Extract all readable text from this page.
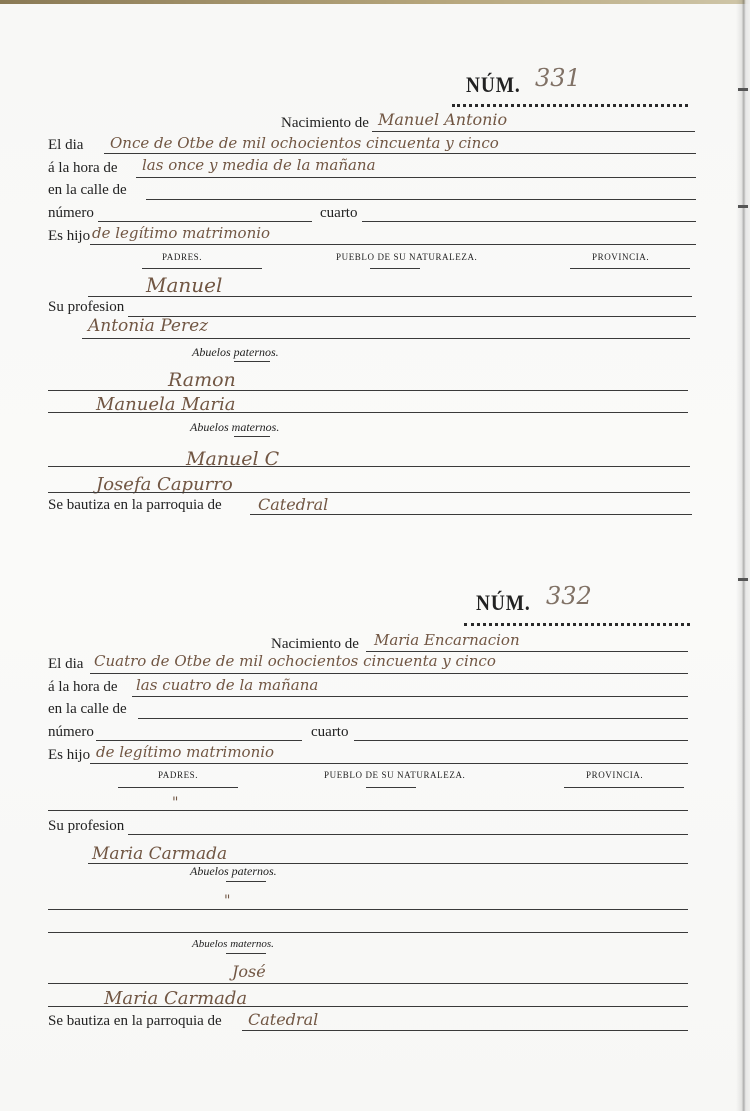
NÚM. 331
Nacimiento de Manuel Antonio
El dia Once de Otbe de mil ochocientos cincuenta y cinco
á la hora de las once y media de la mañana
en la calle de
número	cuarto
Es hijo de legítimo matrimonio
PADRES.	PUEBLO DE SU NATURALEZA.	PROVINCIA.
Manuel
Su profesion
Antonia Perez
Abuelos paternos.
Ramon
Manuela Maria
Abuelos maternos.
Manuel C
Josefa Capurro
Se bautiza en la parroquia de Catedral
NÚM. 332
Nacimiento de Maria Encarnacion
El dia Cuatro de Otbe de mil ochocientos cincuenta y cinco
á la hora de las cuatro de la mañana
en la calle de
número	cuarto
Es hijo de legítimo matrimonio
PADRES.	PUEBLO DE SU NATURALEZA.	PROVINCIA.
"
Su profesion
Maria Carmada
Abuelos paternos.
"
Abuelos maternos.
José
Maria Carmada
Se bautiza en la parroquia de Catedral
